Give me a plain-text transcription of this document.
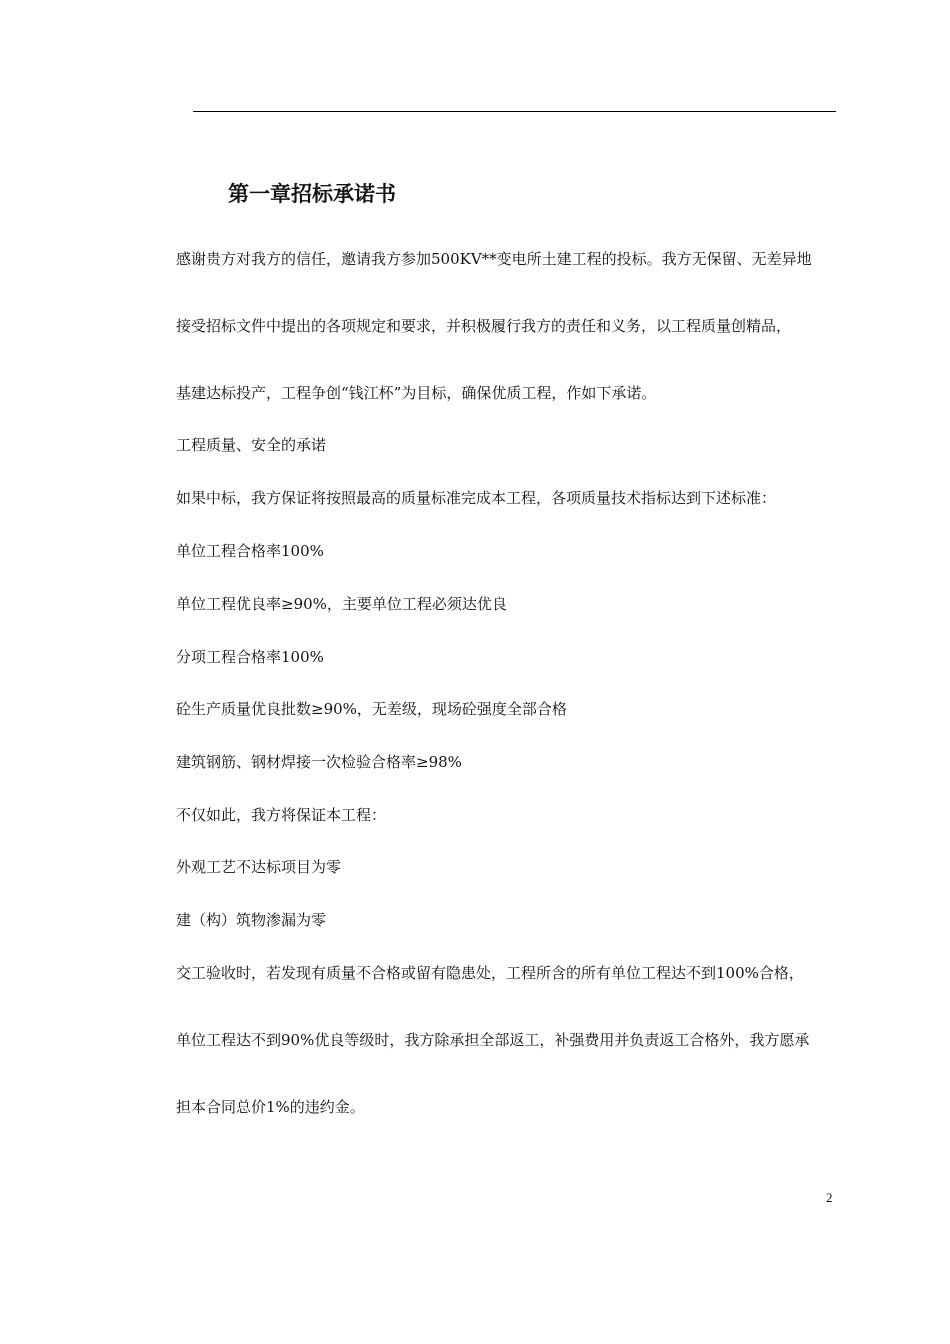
第一章招标承诺书
感谢贵方对我方的信任，邀请我方参加500KV**变电所土建工程的投标。我方无保留、无差异地
接受招标文件中提出的各项规定和要求，并积极履行我方的责任和义务，以工程质量创精品，
基建达标投产，工程争创“钱江杯”为目标，确保优质工程，作如下承诺。
工程质量、安全的承诺
如果中标，我方保证将按照最高的质量标准完成本工程，各项质量技术指标达到下述标准：
单位工程合格率100%
单位工程优良率≥90%，主要单位工程必须达优良
分项工程合格率100%
砼生产质量优良批数≥90%，无差级，现场砼强度全部合格
建筑钢筋、钢材焊接一次检验合格率≥98%
不仅如此，我方将保证本工程：
外观工艺不达标项目为零
建（构）筑物渗漏为零
交工验收时，若发现有质量不合格或留有隐患处，工程所含的所有单位工程达不到100%合格，
单位工程达不到90%优良等级时，我方除承担全部返工，补强费用并负责返工合格外，我方愿承
担本合同总价1%的违约金。
2
